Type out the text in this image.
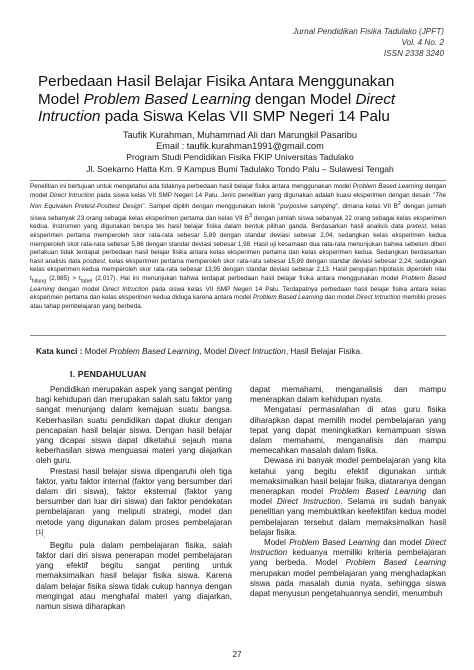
Jurnal Pendidikan Fisika Tadulako (JPFT)
Vol. 4 No. 2
ISSN 2338 3240
Perbedaan Hasil Belajar Fisika Antara Menggunakan Model Problem Based Learning dengan Model Direct Intruction pada Siswa Kelas VII SMP Negeri 14 Palu
Taufik Kurahman, Muhammad Ali dan Marungkil Pasaribu
Email : taufik.kurahman1991@gmail.com
Program Studi Pendidikan Fisika FKIP Universitas Tadulako
Jl. Soekarno Hatta Km. 9 Kampus Bumi Tadulako Tondo Palu – Sulawesi Tengah

Penelitian ini bertujuan untuk mengetahui ada tidaknya perbedaan hasil belajar fisika antara menggunakan model Problem Based Learning dengan model Direct Intruction pada siswa kelas VII SMP Negeri 14 Palu. Jenis penelitian yang digunakan adalah kuasi eksperimen dengan desain "The Non Equivalen Pretest-Posttest Design". Sampel dipilih dengan menggunakan teknik "purposive sampling", dimana kelas VII $B^2$ dengan jumlah siswa sebanyak 23 orang sebagai kelas eksperimen pertama dan kelas VII $B^3$ dengan jumlah siswa sebanyak 22 orang sebagai kelas eksperimen kedua. Instrumen yang digunakan berupa tes hasil belajar fisika dalam bentuk pilihan ganda. Berdasarkan hasil analisis data pretest, kelas eksperimen pertama memperoleh skor rata-rata sebesar 5,89 dengan standar deviasi sebesar 2,04, sedangkan kelas eksperimen kedua memperoleh skor rata-rata sebesar 5,86 dengan standar deviasi sebesar 1,98. Hasil uji kesamaan dua rata-rata menunjukan bahwa sebelum diberi perlakuan tidak terdapat perbedaan hasil belajar fisika antara kelas eksperimen pertama dan kelas eksperimen kedua. Sedangkan berdasarkan hasil analisis data posttest, kelas eksperimen pertama memperoleh skor rata-rata sebesar 15,89 dengan standar deviasi sebesar 2,24, sedangkan kelas eksperimen kedua memperoleh skor rata-rata sebesar 13,95 dengan standar deviasi sebesar 2,13. Hasil pengujian hipotesis diperoleh nilai $t_{hitung}$ $(2,985) > t_{tabel}$ (2,017). Hal ini menunjukan bahwa terdapat perbedaan hasil belajar fisika antara menggunakan model Problem Based Learning dengan model Direct Intruction pada siswa kelas VII SMP Negeri 14 Palu. Terdapatnya perbedaan hasil belajar fisika antara kelas eksperimen pertama dan kelas eksperimen kedua diduga karena antara model Problem Based Learning dan model Direct Intruction memiliki proses atau tahap pembelajaran yang berbeda.

Kata kunci : Model Problem Based Learning, Model Direct Intruction, Hasil Belajar Fisika.
I. PENDAHULUAN

Pendidikan merupakan aspek yang sangat penting bagi kehidupan dan merupakan salah satu faktor yang sangat menunjang dalam kemajuan suatu bangsa. Keberhasilan suatu pendidikan dapat diukur dengan pencapaian hasil belajar siswa. Dengan hasil belajar yang dicapai siswa dapat diketahui sejauh mana keberhasilan siswa menguasai materi yang diajarkan oleh guru.

Prestasi hasil belajar siswa dipengaruhi oleh tiga faktor, yaitu faktor internal (faktor yang bersumber dari dalam diri siswa), faktor eksternal (faktor yang bersumber dari luar diri siswa) dan faktor pendekatan pembelajaran yang meliputi strategi, model dan metode yang digunakan dalam proses pembelajaran [1].

Begitu pula dalam pembelajaran fisika, salah faktor dari diri siswa penerapan model pembelajaran yang efektif begitu sangat penting untuk memaksimalkan hasil belajar fisika siswa. Karena dalam belajar fisika siswa tidak cukup hannya dengan mengingat atau menghafal materi yang diajarkan, namun siswa diharapkan

dapat memahami, menganalisis dan mampu menerapkan dalam kehidupan nyata.

Mengatasi permasalahan di atas guru fisika diharapkan dapat memilih model pembelajaran yang tepat yang dapat meningkatkan kemampuan siswa dalam memahami, menganalisis dan mampu memecahkan masalah dalam fisika.

Dewasa ini banyak model pembelajaran yang kita ketahui yang begitu efektif digunakan untuk memaksimalkan hasil belajar fisika, diataranya dengan menerapkan model Problem Based Learning dan model Direct Instruction. Selama ini sudah banyak penelitian yang membuktikan keefektifan kedua model pembelajaran tersebut dalam memaksimalkan hasil belajar fisika.

Model Problem Based Learning dan model Direct Instruction keduanya memiliki kriteria pembelajaran yang berbeda. Model Problem Based Learning merupakan model pembelajaran yang menghadapkan siswa pada masalah dunia nyata, sehingga siswa dapat menyusun pengetahuannya sendiri, menumbuh

27
